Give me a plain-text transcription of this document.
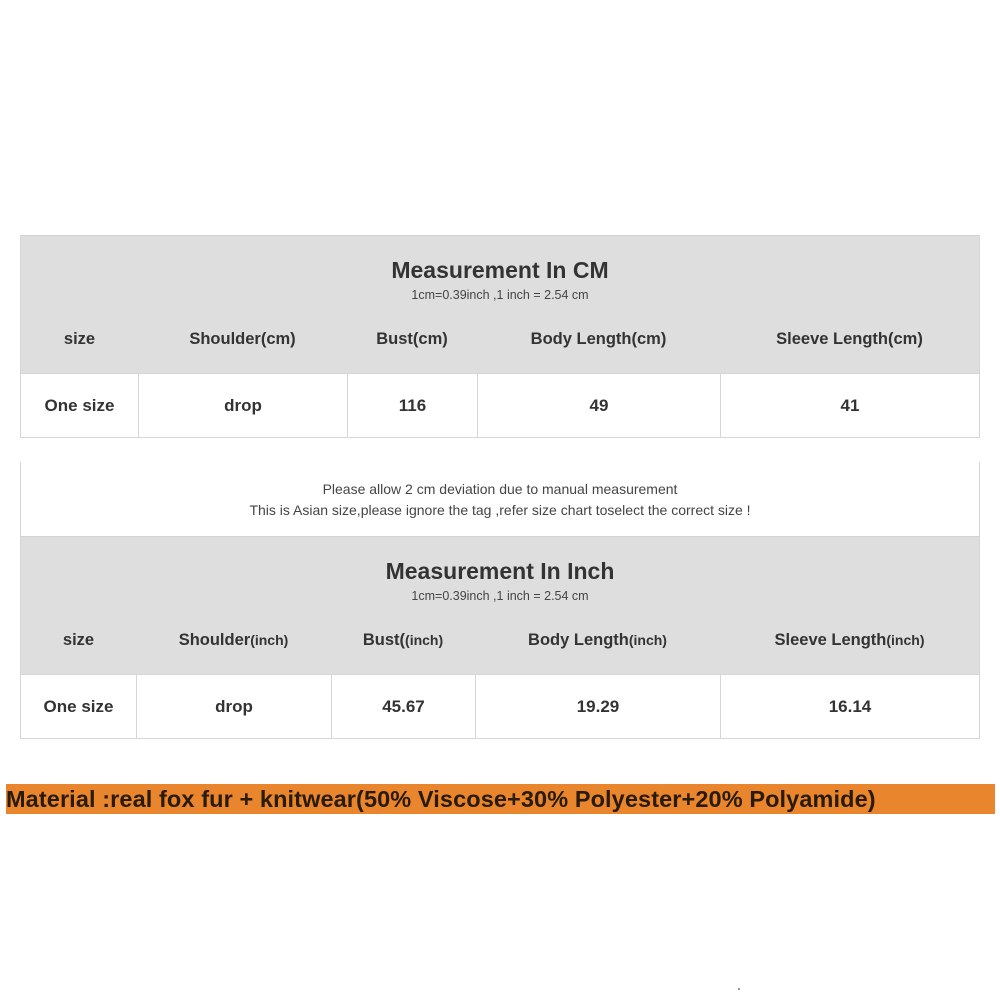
Measurement In CM
1cm=0.39inch ,1 inch = 2.54 cm
size	Shoulder(cm)	Bust(cm)	Body Length(cm)	Sleeve Length(cm)
One size	drop	116	49	41
Please allow 2 cm deviation due to manual measurement
This is Asian size,please ignore the tag ,refer size chart toselect the correct size !
Measurement In Inch
1cm=0.39inch ,1 inch = 2.54 cm
size	Shoulder(inch)	Bust((inch)	Body Length(inch)	Sleeve Length(inch)
One size	drop	45.67	19.29	16.14
Material :real fox fur + knitwear(50% Viscose+30% Polyester+20% Polyamide)
